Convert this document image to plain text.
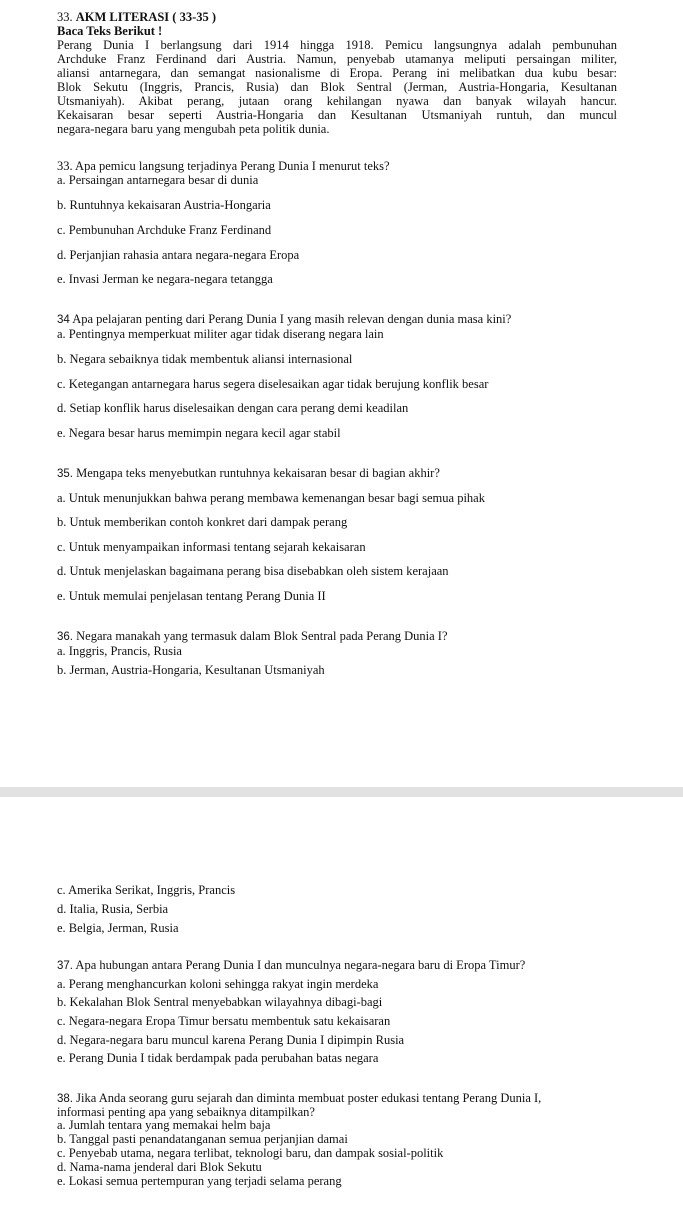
33. AKM LITERASI ( 33-35 )
Baca Teks Berikut !
Perang Dunia I berlangsung dari 1914 hingga 1918. Pemicu langsungnya adalah pembunuhan
Archduke Franz Ferdinand dari Austria. Namun, penyebab utamanya meliputi persaingan militer,
aliansi antarnegara, dan semangat nasionalisme di Eropa. Perang ini melibatkan dua kubu besar:
Blok Sekutu (Inggris, Prancis, Rusia) dan Blok Sentral (Jerman, Austria-Hongaria, Kesultanan
Utsmaniyah). Akibat perang, jutaan orang kehilangan nyawa dan banyak wilayah hancur.
Kekaisaran besar seperti Austria-Hongaria dan Kesultanan Utsmaniyah runtuh, dan muncul
negara-negara baru yang mengubah peta politik dunia.
33. Apa pemicu langsung terjadinya Perang Dunia I menurut teks?
a. Persaingan antarnegara besar di dunia
b. Runtuhnya kekaisaran Austria-Hongaria
c. Pembunuhan Archduke Franz Ferdinand
d. Perjanjian rahasia antara negara-negara Eropa
e. Invasi Jerman ke negara-negara tetangga
34 Apa pelajaran penting dari Perang Dunia I yang masih relevan dengan dunia masa kini?
a. Pentingnya memperkuat militer agar tidak diserang negara lain
b. Negara sebaiknya tidak membentuk aliansi internasional
c. Ketegangan antarnegara harus segera diselesaikan agar tidak berujung konflik besar
d. Setiap konflik harus diselesaikan dengan cara perang demi keadilan
e. Negara besar harus memimpin negara kecil agar stabil
35. Mengapa teks menyebutkan runtuhnya kekaisaran besar di bagian akhir?
a. Untuk menunjukkan bahwa perang membawa kemenangan besar bagi semua pihak
b. Untuk memberikan contoh konkret dari dampak perang
c. Untuk menyampaikan informasi tentang sejarah kekaisaran
d. Untuk menjelaskan bagaimana perang bisa disebabkan oleh sistem kerajaan
e. Untuk memulai penjelasan tentang Perang Dunia II
36. Negara manakah yang termasuk dalam Blok Sentral pada Perang Dunia I?
a. Inggris, Prancis, Rusia
b. Jerman, Austria-Hongaria, Kesultanan Utsmaniyah
c. Amerika Serikat, Inggris, Prancis
d. Italia, Rusia, Serbia
e. Belgia, Jerman, Rusia
37. Apa hubungan antara Perang Dunia I dan munculnya negara-negara baru di Eropa Timur?
a. Perang menghancurkan koloni sehingga rakyat ingin merdeka
b. Kekalahan Blok Sentral menyebabkan wilayahnya dibagi-bagi
c. Negara-negara Eropa Timur bersatu membentuk satu kekaisaran
d. Negara-negara baru muncul karena Perang Dunia I dipimpin Rusia
e. Perang Dunia I tidak berdampak pada perubahan batas negara
38. Jika Anda seorang guru sejarah dan diminta membuat poster edukasi tentang Perang Dunia I,
informasi penting apa yang sebaiknya ditampilkan?
a. Jumlah tentara yang memakai helm baja
b. Tanggal pasti penandatanganan semua perjanjian damai
c. Penyebab utama, negara terlibat, teknologi baru, dan dampak sosial-politik
d. Nama-nama jenderal dari Blok Sekutu
e. Lokasi semua pertempuran yang terjadi selama perang
